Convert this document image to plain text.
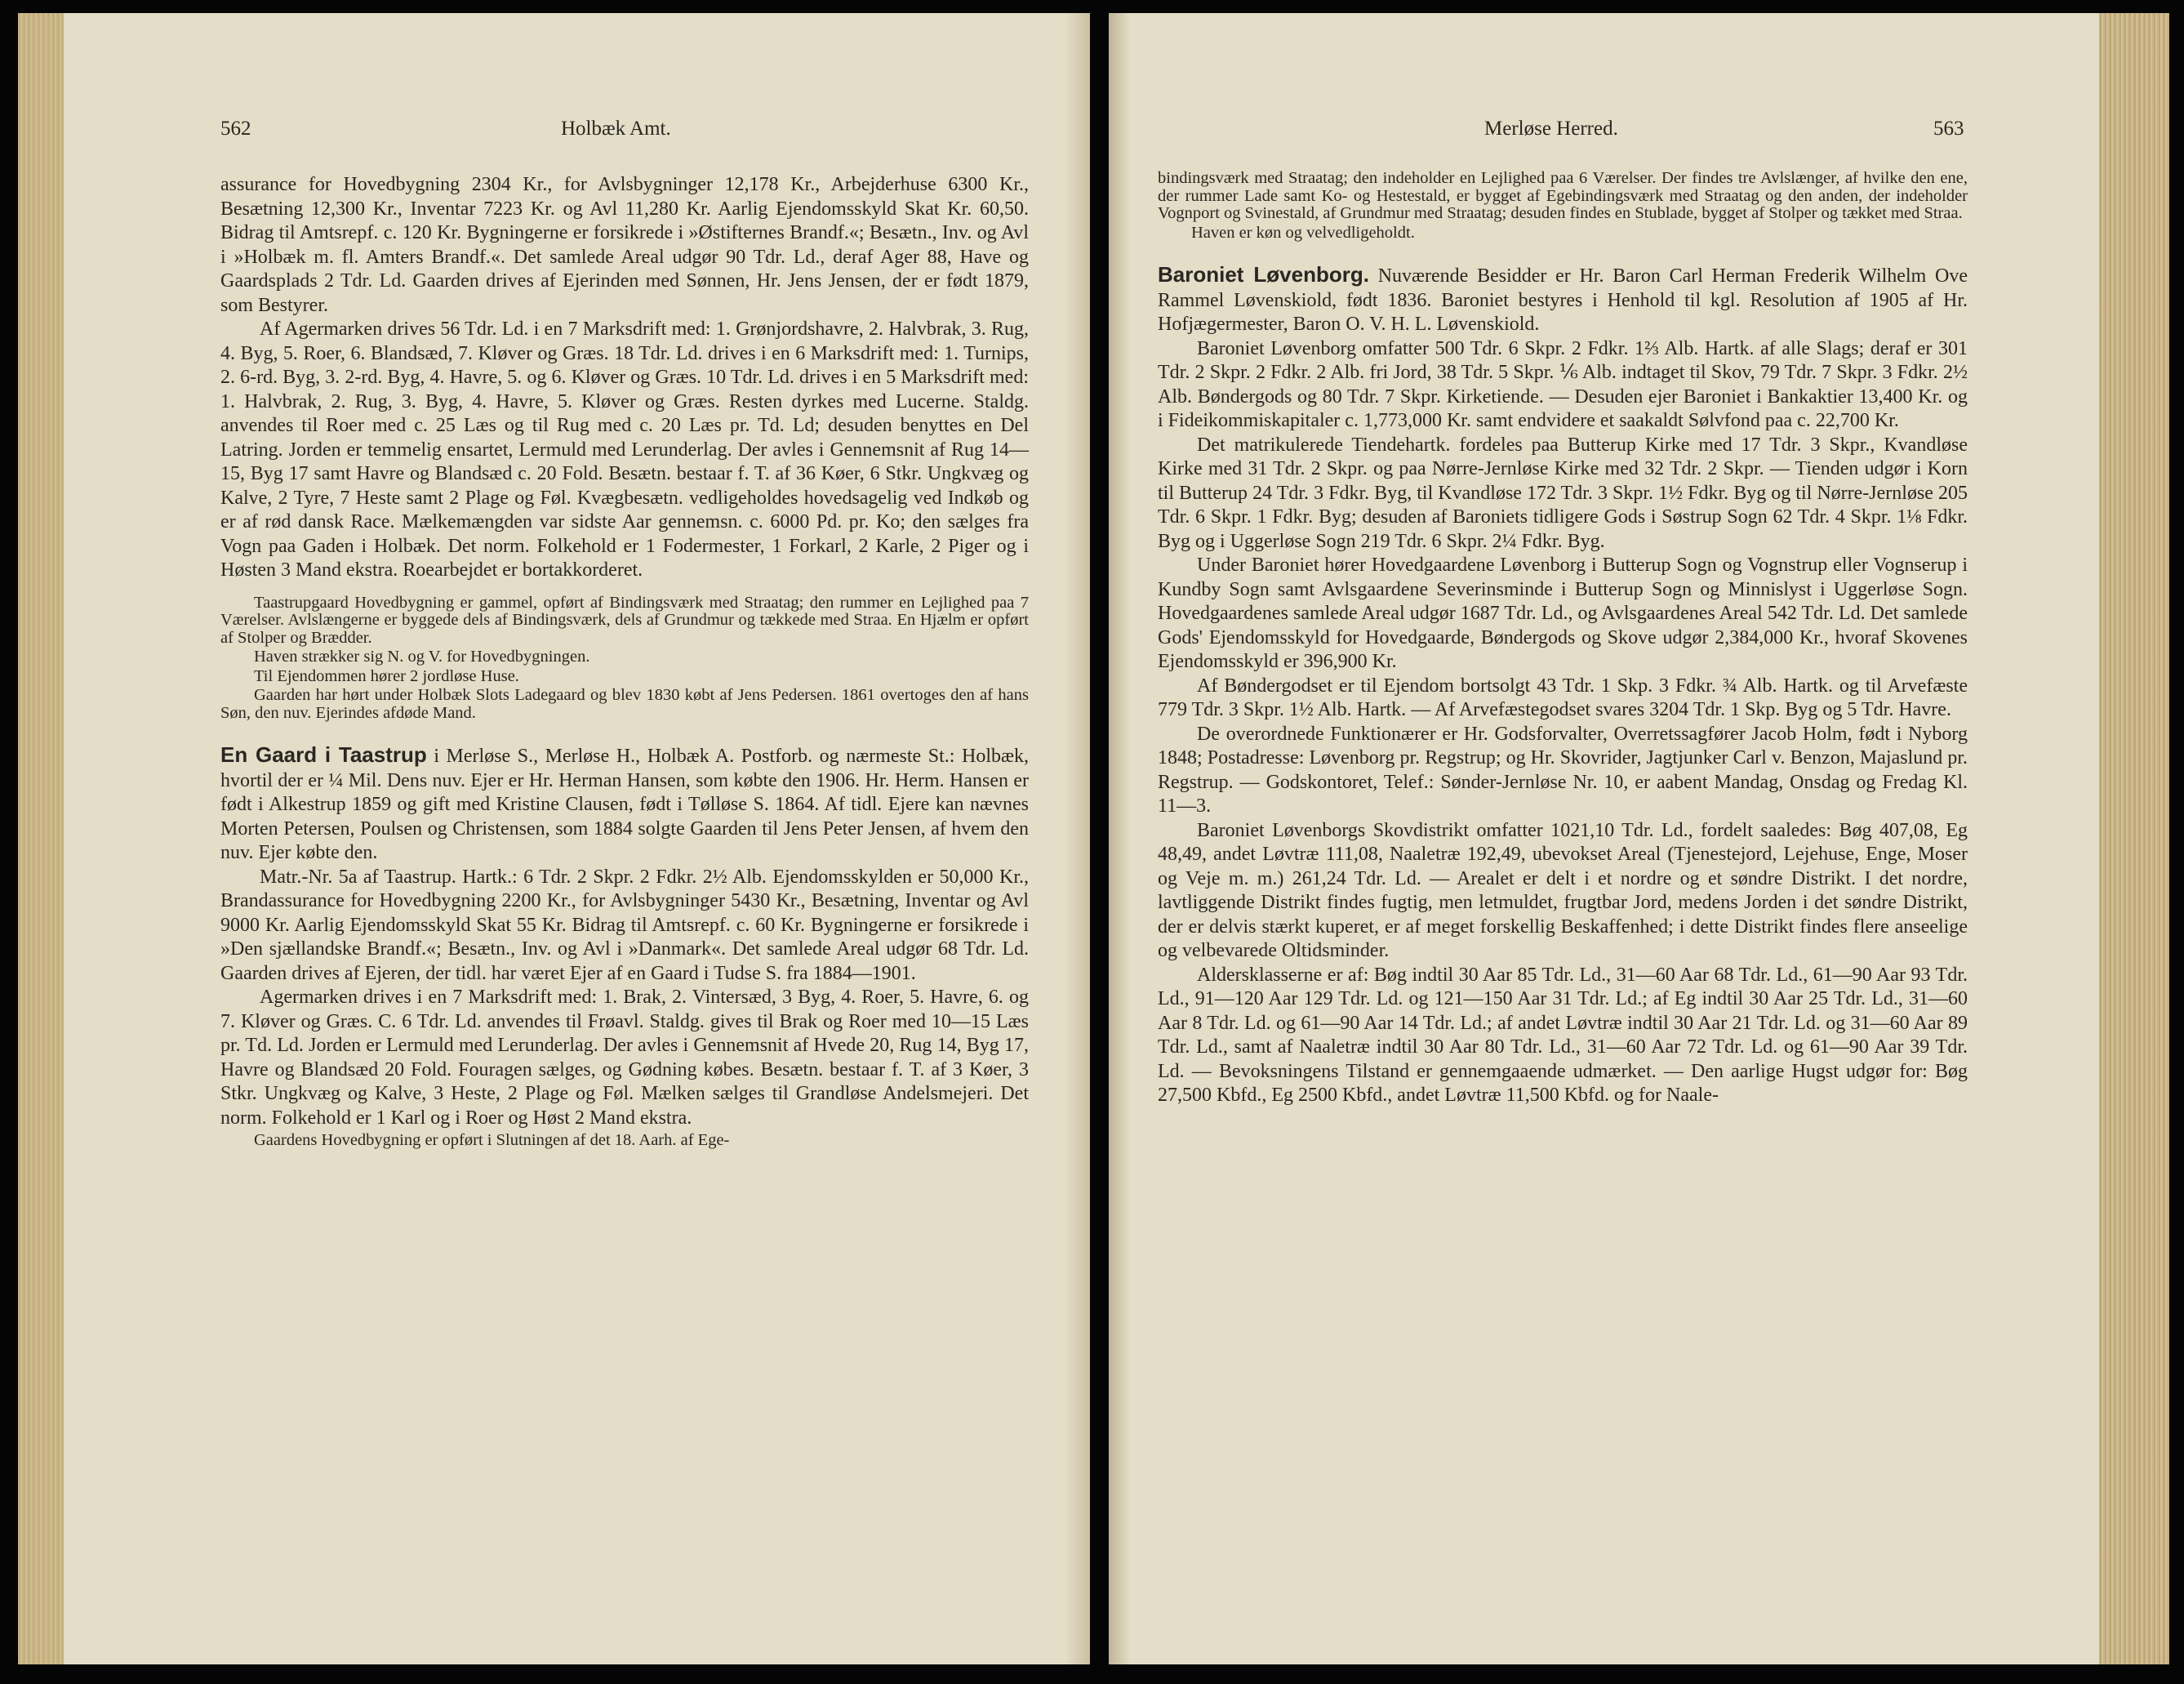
562	Holbæk Amt.

assurance for Hovedbygning 2304 Kr., for Avlsbygninger 12,178 Kr., Arbejderhuse 6300 Kr., Besætning 12,300 Kr., Inventar 7223 Kr. og Avl 11,280 Kr. Aarlig Ejendomsskyld Skat Kr. 60,50. Bidrag til Amtsrepf. c. 120 Kr. Bygningerne er forsikrede i »Østifternes Brandf.«; Besætn., Inv. og Avl i »Holbæk m. fl. Amters Brandf.«. Det samlede Areal udgør 90 Tdr. Ld., deraf Ager 88, Have og Gaardsplads 2 Tdr. Ld. Gaarden drives af Ejerinden med Sønnen, Hr. Jens Jensen, der er født 1879, som Bestyrer.

Af Agermarken drives 56 Tdr. Ld. i en 7 Marksdrift med: 1. Grønjordshavre, 2. Halvbrak, 3. Rug, 4. Byg, 5. Roer, 6. Blandsæd, 7. Kløver og Græs. 18 Tdr. Ld. drives i en 6 Marksdrift med: 1. Turnips, 2. 6-rd. Byg, 3. 2-rd. Byg, 4. Havre, 5. og 6. Kløver og Græs. 10 Tdr. Ld. drives i en 5 Marksdrift med: 1. Halvbrak, 2. Rug, 3. Byg, 4. Havre, 5. Kløver og Græs. Resten dyrkes med Lucerne. Staldg. anvendes til Roer med c. 25 Læs og til Rug med c. 20 Læs pr. Td. Ld; desuden benyttes en Del Latring. Jorden er temmelig ensartet, Lermuld med Lerunderlag. Der avles i Gennemsnit af Rug 14—15, Byg 17 samt Havre og Blandsæd c. 20 Fold. Besætn. bestaar f. T. af 36 Køer, 6 Stkr. Ungkvæg og Kalve, 2 Tyre, 7 Heste samt 2 Plage og Føl. Kvægbesætn. vedligeholdes hovedsagelig ved Indkøb og er af rød dansk Race. Mælkemængden var sidste Aar gennemsn. c. 6000 Pd. pr. Ko; den sælges fra Vogn paa Gaden i Holbæk. Det norm. Folkehold er 1 Fodermester, 1 Forkarl, 2 Karle, 2 Piger og i Høsten 3 Mand ekstra. Roearbejdet er bortakkorderet.

Taastrupgaard Hovedbygning er gammel, opført af Bindingsværk med Straatag; den rummer en Lejlighed paa 7 Værelser. Avlslængerne er byggede dels af Bindingsværk, dels af Grundmur og tækkede med Straa. En Hjælm er opført af Stolper og Brædder.

Haven strækker sig N. og V. for Hovedbygningen.

Til Ejendommen hører 2 jordløse Huse.

Gaarden har hørt under Holbæk Slots Ladegaard og blev 1830 købt af Jens Pedersen. 1861 overtoges den af hans Søn, den nuv. Ejerindes afdøde Mand.

En Gaard i Taastrup i Merløse S., Merløse H., Holbæk A. Postforb. og nærmeste St.: Holbæk, hvortil der er ¼ Mil. Dens nuv. Ejer er Hr. Herman Hansen, som købte den 1906. Hr. Herm. Hansen er født i Alkestrup 1859 og gift med Kristine Clausen, født i Tølløse S. 1864. Af tidl. Ejere kan nævnes Morten Petersen, Poulsen og Christensen, som 1884 solgte Gaarden til Jens Peter Jensen, af hvem den nuv. Ejer købte den.

Matr.-Nr. 5a af Taastrup. Hartk.: 6 Tdr. 2 Skpr. 2 Fdkr. 2½ Alb. Ejendomsskylden er 50,000 Kr., Brandassurance for Hovedbygning 2200 Kr., for Avlsbygninger 5430 Kr., Besætning, Inventar og Avl 9000 Kr. Aarlig Ejendomsskyld Skat 55 Kr. Bidrag til Amtsrepf. c. 60 Kr. Bygningerne er forsikrede i »Den sjællandske Brandf.«; Besætn., Inv. og Avl i »Danmark«. Det samlede Areal udgør 68 Tdr. Ld. Gaarden drives af Ejeren, der tidl. har været Ejer af en Gaard i Tudse S. fra 1884—1901.

Agermarken drives i en 7 Marksdrift med: 1. Brak, 2. Vintersæd, 3 Byg, 4. Roer, 5. Havre, 6. og 7. Kløver og Græs. C. 6 Tdr. Ld. anvendes til Frøavl. Staldg. gives til Brak og Roer med 10—15 Læs pr. Td. Ld. Jorden er Lermuld med Lerunderlag. Der avles i Gennemsnit af Hvede 20, Rug 14, Byg 17, Havre og Blandsæd 20 Fold. Fouragen sælges, og Gødning købes. Besætn. bestaar f. T. af 3 Køer, 3 Stkr. Ungkvæg og Kalve, 3 Heste, 2 Plage og Føl. Mælken sælges til Grandløse Andelsmejeri. Det norm. Folkehold er 1 Karl og i Roer og Høst 2 Mand ekstra.

Gaardens Hovedbygning er opført i Slutningen af det 18. Aarh. af Ege-

Merløse Herred.	563

bindingsværk med Straatag; den indeholder en Lejlighed paa 6 Værelser. Der findes tre Avlslænger, af hvilke den ene, der rummer Lade samt Ko- og Hestestald, er bygget af Egebindingsværk med Straatag og den anden, der indeholder Vognport og Svinestald, af Grundmur med Straatag; desuden findes en Stublade, bygget af Stolper og tækket med Straa.

Haven er køn og velvedligeholdt.

Baroniet Løvenborg. Nuværende Besidder er Hr. Baron Carl Herman Frederik Wilhelm Ove Rammel Løvenskiold, født 1836. Baroniet bestyres i Henhold til kgl. Resolution af 1905 af Hr. Hofjægermester, Baron O. V. H. L. Løvenskiold.

Baroniet Løvenborg omfatter 500 Tdr. 6 Skpr. 2 Fdkr. 1⅔ Alb. Hartk. af alle Slags; deraf er 301 Tdr. 2 Skpr. 2 Fdkr. 2 Alb. fri Jord, 38 Tdr. 5 Skpr. ⅙ Alb. indtaget til Skov, 79 Tdr. 7 Skpr. 3 Fdkr. 2½ Alb. Bøndergods og 80 Tdr. 7 Skpr. Kirketiende. — Desuden ejer Baroniet i Bankaktier 13,400 Kr. og i Fideikommiskapitaler c. 1,773,000 Kr. samt endvidere et saakaldt Sølvfond paa c. 22,700 Kr.

Det matrikulerede Tiendehartk. fordeles paa Butterup Kirke med 17 Tdr. 3 Skpr., Kvandløse Kirke med 31 Tdr. 2 Skpr. og paa Nørre-Jernløse Kirke med 32 Tdr. 2 Skpr. — Tienden udgør i Korn til Butterup 24 Tdr. 3 Fdkr. Byg, til Kvandløse 172 Tdr. 3 Skpr. 1½ Fdkr. Byg og til Nørre-Jernløse 205 Tdr. 6 Skpr. 1 Fdkr. Byg; desuden af Baroniets tidligere Gods i Søstrup Sogn 62 Tdr. 4 Skpr. 1⅛ Fdkr. Byg og i Uggerløse Sogn 219 Tdr. 6 Skpr. 2¼ Fdkr. Byg.

Under Baroniet hører Hovedgaardene Løvenborg i Butterup Sogn og Vognstrup eller Vognserup i Kundby Sogn samt Avlsgaardene Severinsminde i Butterup Sogn og Minnislyst i Uggerløse Sogn. Hovedgaardenes samlede Areal udgør 1687 Tdr. Ld., og Avlsgaardenes Areal 542 Tdr. Ld. Det samlede Gods' Ejendomsskyld for Hovedgaarde, Bøndergods og Skove udgør 2,384,000 Kr., hvoraf Skovenes Ejendomsskyld er 396,900 Kr.

Af Bøndergodset er til Ejendom bortsolgt 43 Tdr. 1 Skp. 3 Fdkr. ¾ Alb. Hartk. og til Arvefæste 779 Tdr. 3 Skpr. 1½ Alb. Hartk. — Af Arvefæstegodset svares 3204 Tdr. 1 Skp. Byg og 5 Tdr. Havre.

De overordnede Funktionærer er Hr. Godsforvalter, Overretssagfører Jacob Holm, født i Nyborg 1848; Postadresse: Løvenborg pr. Regstrup; og Hr. Skovrider, Jagtjunker Carl v. Benzon, Majaslund pr. Regstrup. — Godskontoret, Telef.: Sønder-Jernløse Nr. 10, er aabent Mandag, Onsdag og Fredag Kl. 11—3.

Baroniet Løvenborgs Skovdistrikt omfatter 1021,10 Tdr. Ld., fordelt saaledes: Bøg 407,08, Eg 48,49, andet Løvtræ 111,08, Naaletræ 192,49, ubevokset Areal (Tjenestejord, Lejehuse, Enge, Moser og Veje m. m.) 261,24 Tdr. Ld. — Arealet er delt i et nordre og et søndre Distrikt. I det nordre, lavtliggende Distrikt findes fugtig, men letmuldet, frugtbar Jord, medens Jorden i det søndre Distrikt, der er delvis stærkt kuperet, er af meget forskellig Beskaffenhed; i dette Distrikt findes flere anseelige og velbevarede Oltidsminder.

Aldersklasserne er af: Bøg indtil 30 Aar 85 Tdr. Ld., 31—60 Aar 68 Tdr. Ld., 61—90 Aar 93 Tdr. Ld., 91—120 Aar 129 Tdr. Ld. og 121—150 Aar 31 Tdr. Ld.; af Eg indtil 30 Aar 25 Tdr. Ld., 31—60 Aar 8 Tdr. Ld. og 61—90 Aar 14 Tdr. Ld.; af andet Løvtræ indtil 30 Aar 21 Tdr. Ld. og 31—60 Aar 89 Tdr. Ld., samt af Naaletræ indtil 30 Aar 80 Tdr. Ld., 31—60 Aar 72 Tdr. Ld. og 61—90 Aar 39 Tdr. Ld. — Bevoksningens Tilstand er gennemgaaende udmærket. — Den aarlige Hugst udgør for: Bøg 27,500 Kbfd., Eg 2500 Kbfd., andet Løvtræ 11,500 Kbfd. og for Naale-
